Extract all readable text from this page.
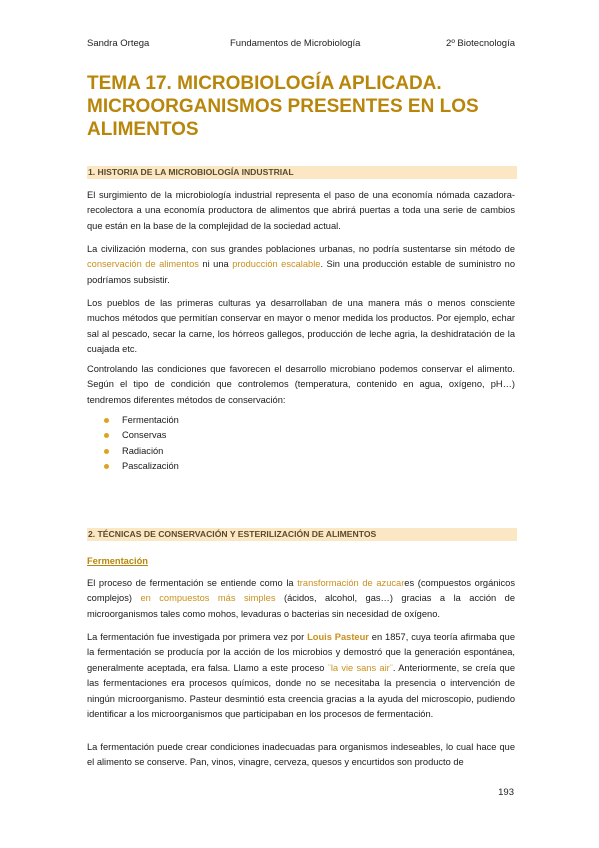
Sandra Ortega	Fundamentos de Microbiología	2º Biotecnología
TEMA 17. MICROBIOLOGÍA APLICADA. MICROORGANISMOS PRESENTES EN LOS ALIMENTOS
1. HISTORIA DE LA MICROBIOLOGÍA INDUSTRIAL

El surgimiento de la microbiología industrial representa el paso de una economía nómada cazadora-recolectora a una economía productora de alimentos que abrirá puertas a toda una serie de cambios que están en la base de la complejidad de la sociedad actual.

La civilización moderna, con sus grandes poblaciones urbanas, no podría sustentarse sin método de conservación de alimentos ni una producción escalable. Sin una producción estable de suministro no podríamos subsistir.

Los pueblos de las primeras culturas ya desarrollaban de una manera más o menos consciente muchos métodos que permitían conservar en mayor o menor medida los productos. Por ejemplo, echar sal al pescado, secar la carne, los hórreos gallegos, producción de leche agria, la deshidratación de la cuajada etc.

Controlando las condiciones que favorecen el desarrollo microbiano podemos conservar el alimento. Según el tipo de condición que controlemos (temperatura, contenido en agua, oxígeno, pH…) tendremos diferentes métodos de conservación:

Fermentación
Conservas
Radiación
Pascalización
2. TÉCNICAS DE CONSERVACIÓN Y ESTERILIZACIÓN DE ALIMENTOS

Fermentación

El proceso de fermentación se entiende como la transformación de azucares (compuestos orgánicos complejos) en compuestos más simples (ácidos, alcohol, gas…) gracias a la acción de microorganismos tales como mohos, levaduras o bacterias sin necesidad de oxígeno.

La fermentación fue investigada por primera vez por Louis Pasteur en 1857, cuya teoría afirmaba que la fermentación se producía por la acción de los microbios y demostró que la generación espontánea, generalmente aceptada, era falsa. Llamo a este proceso ¨la vie sans air¨. Anteriormente, se creía que las fermentaciones era procesos químicos, donde no se necesitaba la presencia o intervención de ningún microorganismo. Pasteur desmintió esta creencia gracias a la ayuda del microscopio, pudiendo identificar a los microorganismos que participaban en los procesos de fermentación.

La fermentación puede crear condiciones inadecuadas para organismos indeseables, lo cual hace que el alimento se conserve. Pan, vinos, vinagre, cerveza, quesos y encurtidos son producto de

193
